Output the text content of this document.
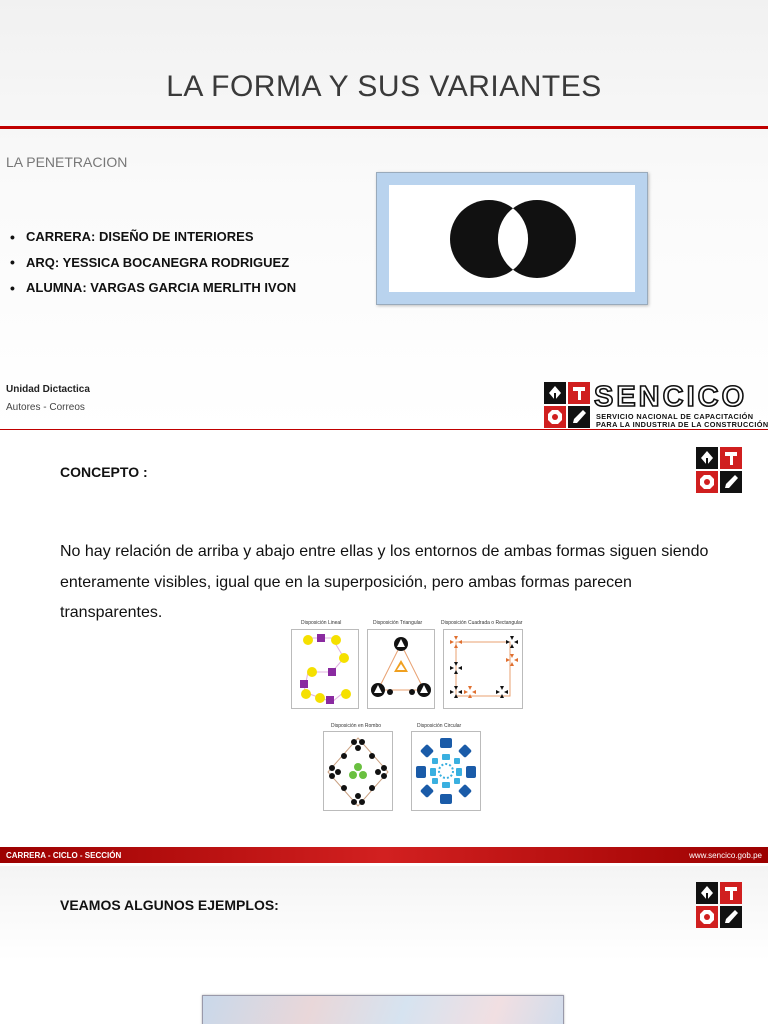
LA FORMA Y SUS VARIANTES
LA PENETRACION
• CARRERA: DISEÑO DE INTERIORES
• ARQ: YESSICA BOCANEGRA RODRIGUEZ
• ALUMNA: VARGAS GARCIA MERLITH IVON
Unidad Dictactica
Autores - Correos	SENCICO
SERVICIO NACIONAL DE CAPACITACIÓN
PARA LA INDUSTRIA DE LA CONSTRUCCIÓN
CONCEPTO :

No hay relación de arriba y abajo entre ellas y los entornos de ambas formas siguen siendo enteramente visibles, igual que en la superposición, pero ambas formas parecen transparentes.

Disposición Lineal	Disposición Triangular	Disposición Cuadrada o Rectangular
Disposición en Rombo	Disposición Circular
CARRERA - CICLO - SECCIÓN	www.sencico.gob.pe
VEAMOS ALGUNOS EJEMPLOS:
